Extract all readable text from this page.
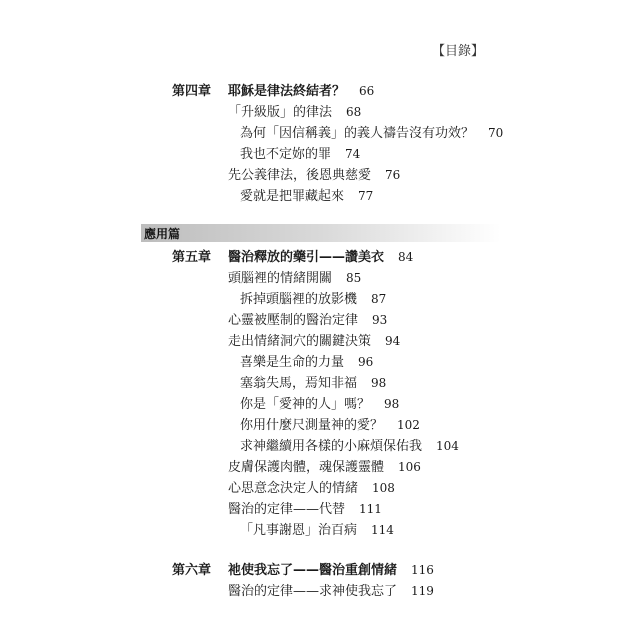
【目錄】
第四章 耶穌是律法終結者？ 66
「升級版」的律法 68
為何「因信稱義」的義人禱告沒有功效？ 70
我也不定妳的罪 74
先公義律法，後恩典慈愛 76
愛就是把罪藏起來 77
應用篇
第五章 醫治釋放的藥引——讚美衣 84
頭腦裡的情緒開關 85
拆掉頭腦裡的放影機 87
心靈被壓制的醫治定律 93
走出情緒洞穴的關鍵決策 94
喜樂是生命的力量 96
塞翁失馬，焉知非福 98
你是「愛神的人」嗎？ 98
你用什麼尺測量神的愛？ 102
求神繼續用各樣的小麻煩保佑我 104
皮膚保護肉體，魂保護靈體 106
心思意念決定人的情緒 108
醫治的定律——代替 111
「凡事謝恩」治百病 114
第六章 祂使我忘了——醫治重創情緒 116
醫治的定律——求神使我忘了 119
